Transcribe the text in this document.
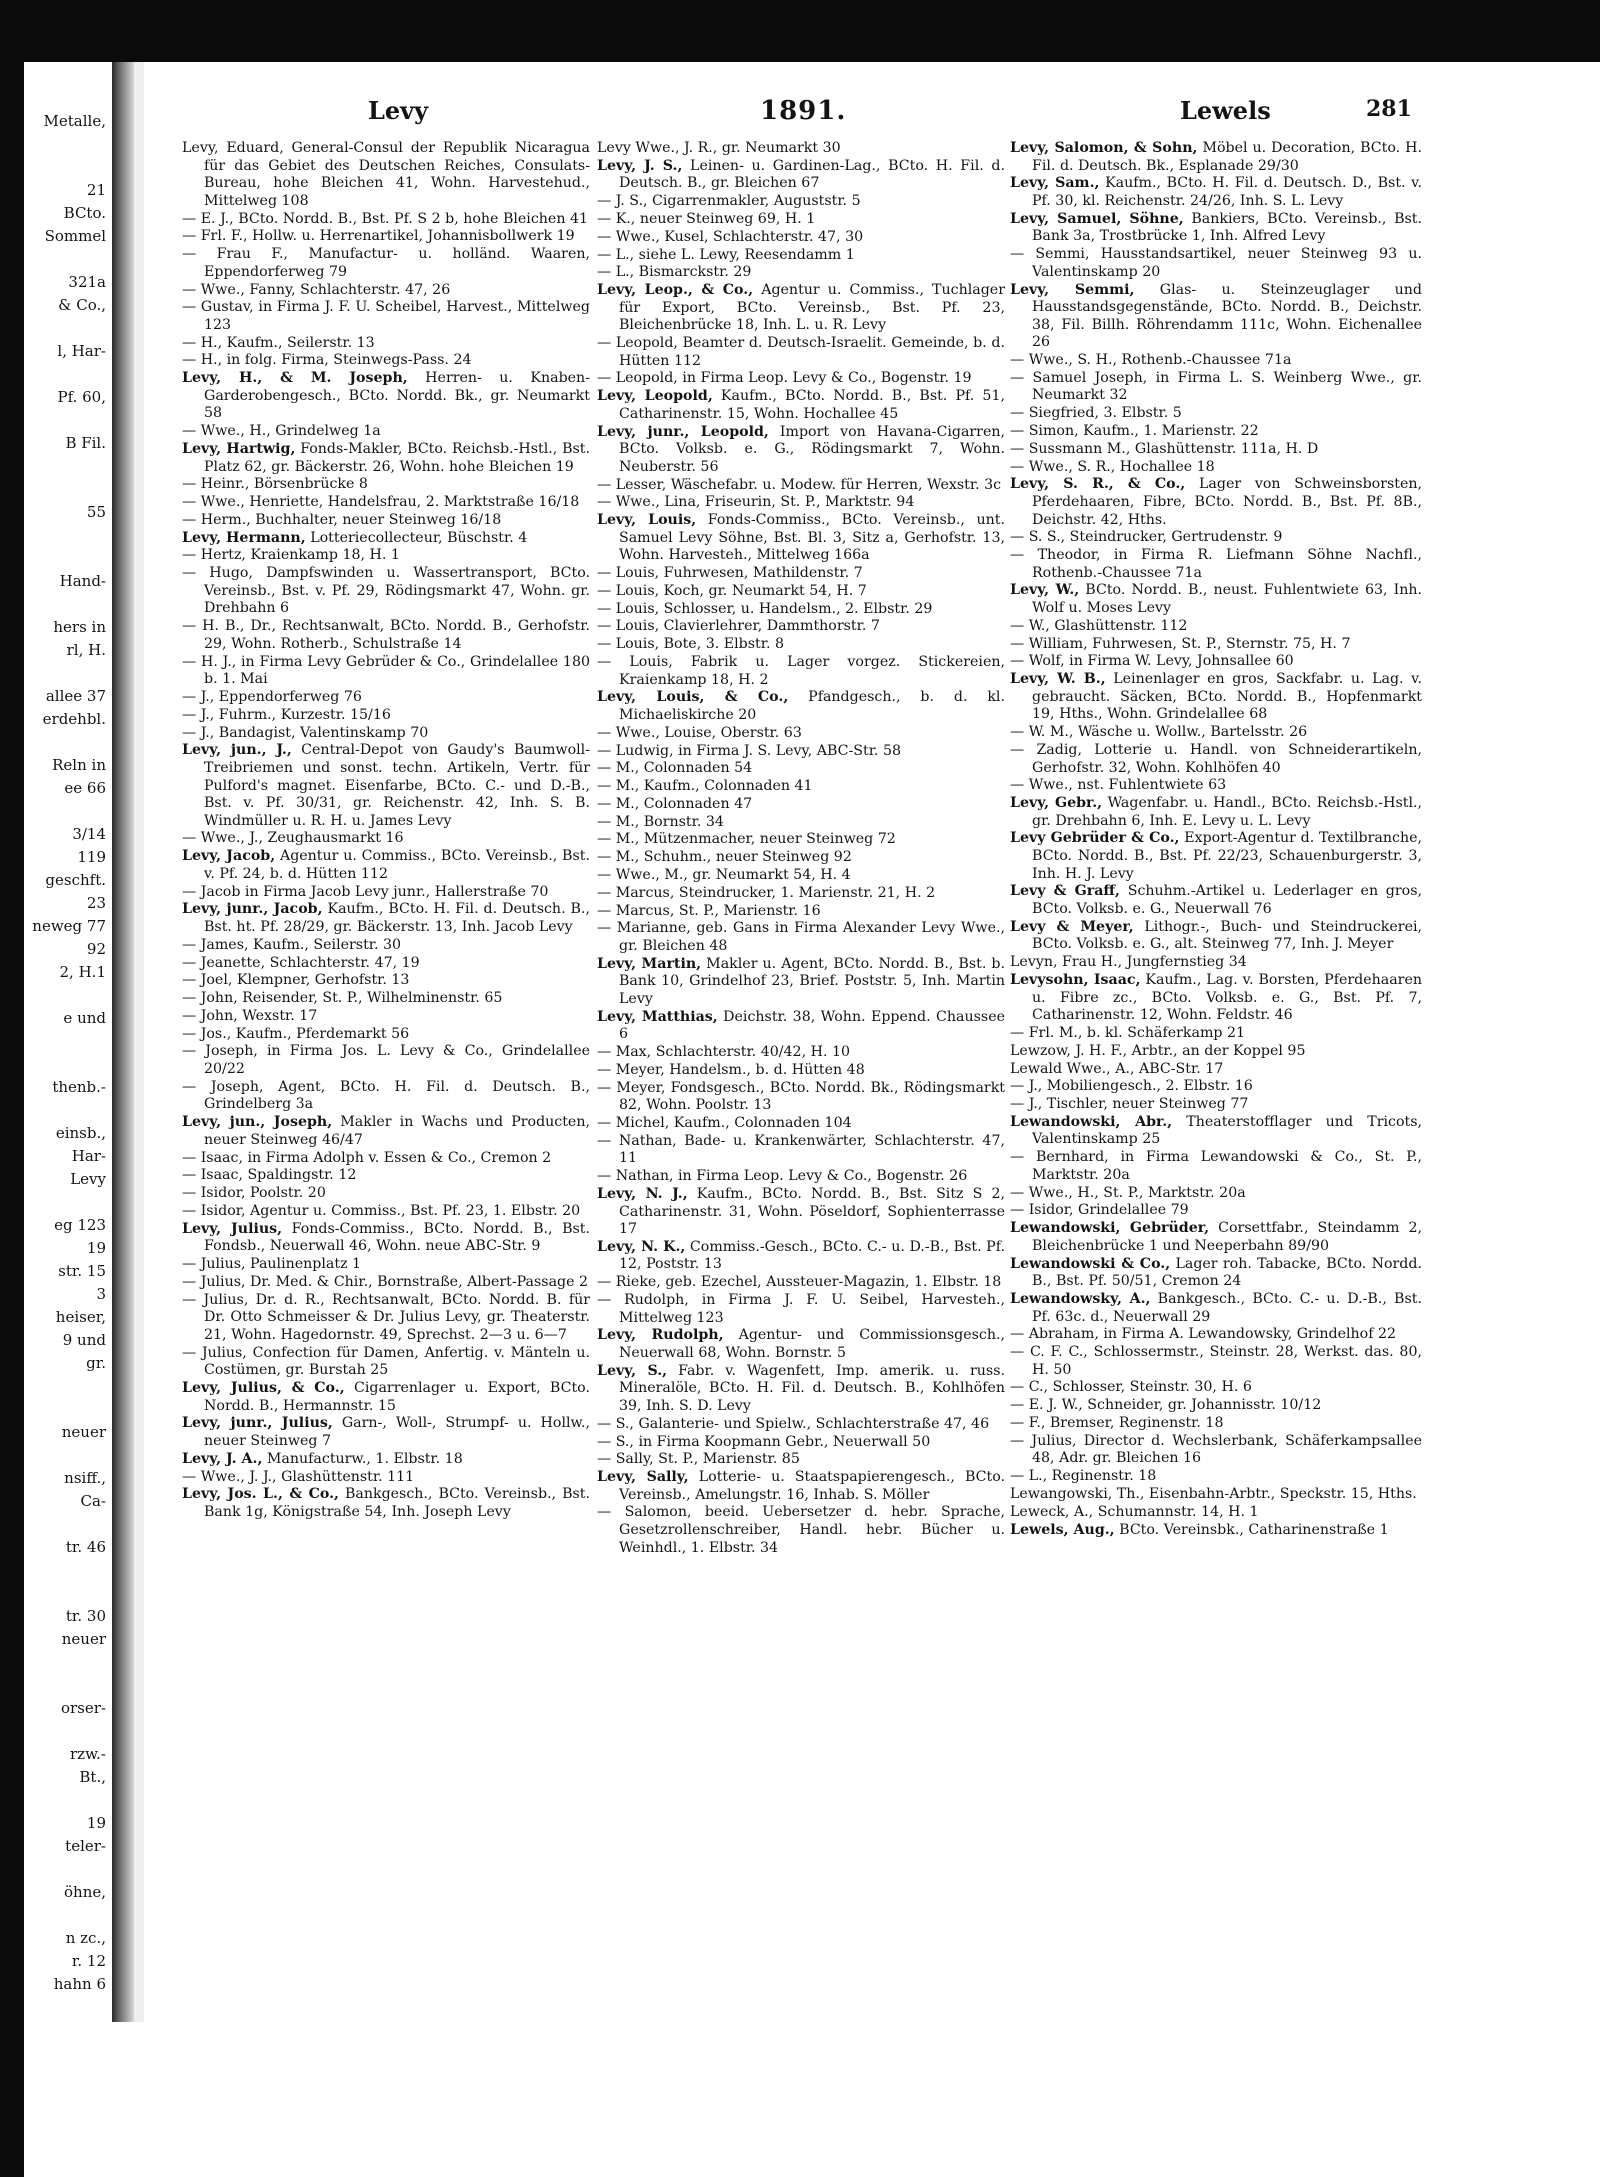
Metalle,
21
BCto.
Sommel
321a
& Co.,
l, Har-
Pf. 60,
B Fil.
55
Hand-
hers in
rl, H.
allee 37
erdehbl.
Reln in
ee 66
3/14
119
geschft.
23
neweg 77
92
2, H.1
e und
thenb.-
einsb.,
Har-
Levy
eg 123
19
str. 15
3
heiser,
9 und
gr.
neuer
nsiff.,
Ca-
tr. 46
tr. 30
neuer
orser-
rzw.-
Bt.,
19
teler-
öhne,
n zc.,
r. 12
hahn 6
Levy	1891.	Lewels	281
Levy, Eduard, General-Consul der Republik Nicaragua für das Gebiet des Deutschen Reiches, Consulats-Bureau, hohe Bleichen 41, Wohn. Harvestehud., Mittelweg 108
— E. J., BCto. Nordd. B., Bst. Pf. S 2 b, hohe Bleichen 41
— Frl. F., Hollw. u. Herrenartikel, Johannisbollwerk 19
— Frau F., Manufactur- u. holländ. Waaren, Eppendorferweg 79
— Wwe., Fanny, Schlachterstr. 47, 26
— Gustav, in Firma J. F. U. Scheibel, Harvest., Mittelweg 123
— H., Kaufm., Seilerstr. 13
— H., in folg. Firma, Steinwegs-Pass. 24
Levy, H., & M. Joseph, Herren- u. Knaben-Garderobengesch., BCto. Nordd. Bk., gr. Neumarkt 58
— Wwe., H., Grindelweg 1a
Levy, Hartwig, Fonds-Makler, BCto. Reichsb.-Hstl., Bst. Platz 62, gr. Bäckerstr. 26, Wohn. hohe Bleichen 19
— Heinr., Börsenbrücke 8
— Wwe., Henriette, Handelsfrau, 2. Marktstraße 16/18
— Herm., Buchhalter, neuer Steinweg 16/18
Levy, Hermann, Lotteriecollecteur, Büschstr. 4
— Hertz, Kraienkamp 18, H. 1
— Hugo, Dampfswinden u. Wassertransport, BCto. Vereinsb., Bst. v. Pf. 29, Rödingsmarkt 47, Wohn. gr. Drehbahn 6
— H. B., Dr., Rechtsanwalt, BCto. Nordd. B., Gerhofstr. 29, Wohn. Rotherb., Schulstraße 14
— H. J., in Firma Levy Gebrüder & Co., Grindelallee 180 b. 1. Mai
— J., Eppendorferweg 76
— J., Fuhrm., Kurzestr. 15/16
— J., Bandagist, Valentinskamp 70
Levy, jun., J., Central-Depot von Gaudy's Baumwoll-Treibriemen und sonst. techn. Artikeln, Vertr. für Pulford's magnet. Eisenfarbe, BCto. C.- und D.-B., Bst. v. Pf. 30/31, gr. Reichenstr. 42, Inh. S. B. Windmüller u. R. H. u. James Levy
— Wwe., J., Zeughausmarkt 16
Levy, Jacob, Agentur u. Commiss., BCto. Vereinsb., Bst. v. Pf. 24, b. d. Hütten 112
— Jacob in Firma Jacob Levy junr., Hallerstraße 70
Levy, junr., Jacob, Kaufm., BCto. H. Fil. d. Deutsch. B., Bst. ht. Pf. 28/29, gr. Bäckerstr. 13, Inh. Jacob Levy
— James, Kaufm., Seilerstr. 30
— Jeanette, Schlachterstr. 47, 19
— Joel, Klempner, Gerhofstr. 13
— John, Reisender, St. P., Wilhelminenstr. 65
— John, Wexstr. 17
— Jos., Kaufm., Pferdemarkt 56
— Joseph, in Firma Jos. L. Levy & Co., Grindelallee 20/22
— Joseph, Agent, BCto. H. Fil. d. Deutsch. B., Grindelberg 3a
Levy, jun., Joseph, Makler in Wachs und Producten, neuer Steinweg 46/47
— Isaac, in Firma Adolph v. Essen & Co., Cremon 2
— Isaac, Spaldingstr. 12
— Isidor, Poolstr. 20
— Isidor, Agentur u. Commiss., Bst. Pf. 23, 1. Elbstr. 20
Levy, Julius, Fonds-Commiss., BCto. Nordd. B., Bst. Fondsb., Neuerwall 46, Wohn. neue ABC-Str. 9
— Julius, Paulinenplatz 1
— Julius, Dr. Med. & Chir., Bornstraße, Albert-Passage 2
— Julius, Dr. d. R., Rechtsanwalt, BCto. Nordd. B. für Dr. Otto Schmeisser & Dr. Julius Levy, gr. Theaterstr. 21, Wohn. Hagedornstr. 49, Sprechst. 2—3 u. 6—7
— Julius, Confection für Damen, Anfertig. v. Mänteln u. Costümen, gr. Burstah 25
Levy, Julius, & Co., Cigarrenlager u. Export, BCto. Nordd. B., Hermannstr. 15
Levy, junr., Julius, Garn-, Woll-, Strumpf- u. Hollw., neuer Steinweg 7
Levy, J. A., Manufacturw., 1. Elbstr. 18
— Wwe., J. J., Glashüttenstr. 111
Levy, Jos. L., & Co., Bankgesch., BCto. Vereinsb., Bst. Bank 1g, Königstraße 54, Inh. Joseph Levy
Levy Wwe., J. R., gr. Neumarkt 30
Levy, J. S., Leinen- u. Gardinen-Lag., BCto. H. Fil. d. Deutsch. B., gr. Bleichen 67
— J. S., Cigarrenmakler, Auguststr. 5
— K., neuer Steinweg 69, H. 1
— Wwe., Kusel, Schlachterstr. 47, 30
— L., siehe L. Lewy, Reesendamm 1
— L., Bismarckstr. 29
Levy, Leop., & Co., Agentur u. Commiss., Tuchlager für Export, BCto. Vereinsb., Bst. Pf. 23, Bleichenbrücke 18, Inh. L. u. R. Levy
— Leopold, Beamter d. Deutsch-Israelit. Gemeinde, b. d. Hütten 112
— Leopold, in Firma Leop. Levy & Co., Bogenstr. 19
Levy, Leopold, Kaufm., BCto. Nordd. B., Bst. Pf. 51, Catharinenstr. 15, Wohn. Hochallee 45
Levy, junr., Leopold, Import von Havana-Cigarren, BCto. Volksb. e. G., Rödingsmarkt 7, Wohn. Neuberstr. 56
— Lesser, Wäschefabr. u. Modew. für Herren, Wexstr. 3c
— Wwe., Lina, Friseurin, St. P., Marktstr. 94
Levy, Louis, Fonds-Commiss., BCto. Vereinsb., unt. Samuel Levy Söhne, Bst. Bl. 3, Sitz a, Gerhofstr. 13, Wohn. Harvesteh., Mittelweg 166a
— Louis, Fuhrwesen, Mathildenstr. 7
— Louis, Koch, gr. Neumarkt 54, H. 7
— Louis, Schlosser, u. Handelsm., 2. Elbstr. 29
— Louis, Clavierlehrer, Dammthorstr. 7
— Louis, Bote, 3. Elbstr. 8
— Louis, Fabrik u. Lager vorgez. Stickereien, Kraienkamp 18, H. 2
Levy, Louis, & Co., Pfandgesch., b. d. kl. Michaeliskirche 20
— Wwe., Louise, Oberstr. 63
— Ludwig, in Firma J. S. Levy, ABC-Str. 58
— M., Colonnaden 54
— M., Kaufm., Colonnaden 41
— M., Colonnaden 47
— M., Bornstr. 34
— M., Mützenmacher, neuer Steinweg 72
— M., Schuhm., neuer Steinweg 92
— Wwe., M., gr. Neumarkt 54, H. 4
— Marcus, Steindrucker, 1. Marienstr. 21, H. 2
— Marcus, St. P., Marienstr. 16
— Marianne, geb. Gans in Firma Alexander Levy Wwe., gr. Bleichen 48
Levy, Martin, Makler u. Agent, BCto. Nordd. B., Bst. b. Bank 10, Grindelhof 23, Brief. Poststr. 5, Inh. Martin Levy
Levy, Matthias, Deichstr. 38, Wohn. Eppend. Chaussee 6
— Max, Schlachterstr. 40/42, H. 10
— Meyer, Handelsm., b. d. Hütten 48
— Meyer, Fondsgesch., BCto. Nordd. Bk., Rödingsmarkt 82, Wohn. Poolstr. 13
— Michel, Kaufm., Colonnaden 104
— Nathan, Bade- u. Krankenwärter, Schlachterstr. 47, 11
— Nathan, in Firma Leop. Levy & Co., Bogenstr. 26
Levy, N. J., Kaufm., BCto. Nordd. B., Bst. Sitz S 2, Catharinenstr. 31, Wohn. Pöseldorf, Sophienterrasse 17
Levy, N. K., Commiss.-Gesch., BCto. C.- u. D.-B., Bst. Pf. 12, Poststr. 13
— Rieke, geb. Ezechel, Aussteuer-Magazin, 1. Elbstr. 18
— Rudolph, in Firma J. F. U. Seibel, Harvesteh., Mittelweg 123
Levy, Rudolph, Agentur- und Commissionsgesch., Neuerwall 68, Wohn. Bornstr. 5
Levy, S., Fabr. v. Wagenfett, Imp. amerik. u. russ. Mineralöle, BCto. H. Fil. d. Deutsch. B., Kohlhöfen 39, Inh. S. D. Levy
— S., Galanterie- und Spielw., Schlachterstraße 47, 46
— S., in Firma Koopmann Gebr., Neuerwall 50
— Sally, St. P., Marienstr. 85
Levy, Sally, Lotterie- u. Staatspapierengesch., BCto. Vereinsb., Amelungstr. 16, Inhab. S. Möller
— Salomon, beeid. Uebersetzer d. hebr. Sprache, Gesetzrollenschreiber, Handl. hebr. Bücher u. Weinhdl., 1. Elbstr. 34
Levy, Salomon, & Sohn, Möbel u. Decoration, BCto. H. Fil. d. Deutsch. Bk., Esplanade 29/30
Levy, Sam., Kaufm., BCto. H. Fil. d. Deutsch. D., Bst. v. Pf. 30, kl. Reichenstr. 24/26, Inh. S. L. Levy
Levy, Samuel, Söhne, Bankiers, BCto. Vereinsb., Bst. Bank 3a, Trostbrücke 1, Inh. Alfred Levy
— Semmi, Hausstandsartikel, neuer Steinweg 93 u. Valentinskamp 20
Levy, Semmi, Glas- u. Steinzeuglager und Hausstandsgegenstände, BCto. Nordd. B., Deichstr. 38, Fil. Billh. Röhrendamm 111c, Wohn. Eichenallee 26
— Wwe., S. H., Rothenb.-Chaussee 71a
— Samuel Joseph, in Firma L. S. Weinberg Wwe., gr. Neumarkt 32
— Siegfried, 3. Elbstr. 5
— Simon, Kaufm., 1. Marienstr. 22
— Sussmann M., Glashüttenstr. 111a, H. D
— Wwe., S. R., Hochallee 18
Levy, S. R., & Co., Lager von Schweinsborsten, Pferdehaaren, Fibre, BCto. Nordd. B., Bst. Pf. 8B., Deichstr. 42, Hths.
— S. S., Steindrucker, Gertrudenstr. 9
— Theodor, in Firma R. Liefmann Söhne Nachfl., Rothenb.-Chaussee 71a
Levy, W., BCto. Nordd. B., neust. Fuhlentwiete 63, Inh. Wolf u. Moses Levy
— W., Glashüttenstr. 112
— William, Fuhrwesen, St. P., Sternstr. 75, H. 7
— Wolf, in Firma W. Levy, Johnsallee 60
Levy, W. B., Leinenlager en gros, Sackfabr. u. Lag. v. gebraucht. Säcken, BCto. Nordd. B., Hopfenmarkt 19, Hths., Wohn. Grindelallee 68
— W. M., Wäsche u. Wollw., Bartelsstr. 26
— Zadig, Lotterie u. Handl. von Schneiderartikeln, Gerhofstr. 32, Wohn. Kohlhöfen 40
— Wwe., nst. Fuhlentwiete 63
Levy, Gebr., Wagenfabr. u. Handl., BCto. Reichsb.-Hstl., gr. Drehbahn 6, Inh. E. Levy u. L. Levy
Levy Gebrüder & Co., Export-Agentur d. Textilbranche, BCto. Nordd. B., Bst. Pf. 22/23, Schauenburgerstr. 3, Inh. H. J. Levy
Levy & Graff, Schuhm.-Artikel u. Lederlager en gros, BCto. Volksb. e. G., Neuerwall 76
Levy & Meyer, Lithogr.-, Buch- und Steindruckerei, BCto. Volksb. e. G., alt. Steinweg 77, Inh. J. Meyer
Levyn, Frau H., Jungfernstieg 34
Levysohn, Isaac, Kaufm., Lag. v. Borsten, Pferdehaaren u. Fibre zc., BCto. Volksb. e. G., Bst. Pf. 7, Catharinenstr. 12, Wohn. Feldstr. 46
— Frl. M., b. kl. Schäferkamp 21
Lewzow, J. H. F., Arbtr., an der Koppel 95
Lewald Wwe., A., ABC-Str. 17
— J., Mobiliengesch., 2. Elbstr. 16
— J., Tischler, neuer Steinweg 77
Lewandowski, Abr., Theaterstofflager und Tricots, Valentinskamp 25
— Bernhard, in Firma Lewandowski & Co., St. P., Marktstr. 20a
— Wwe., H., St. P., Marktstr. 20a
— Isidor, Grindelallee 79
Lewandowski, Gebrüder, Corsettfabr., Steindamm 2, Bleichenbrücke 1 und Neeperbahn 89/90
Lewandowski & Co., Lager roh. Tabacke, BCto. Nordd. B., Bst. Pf. 50/51, Cremon 24
Lewandowsky, A., Bankgesch., BCto. C.- u. D.-B., Bst. Pf. 63c. d., Neuerwall 29
— Abraham, in Firma A. Lewandowsky, Grindelhof 22
— C. F. C., Schlossermstr., Steinstr. 28, Werkst. das. 80, H. 50
— C., Schlosser, Steinstr. 30, H. 6
— E. J. W., Schneider, gr. Johannisstr. 10/12
— F., Bremser, Reginenstr. 18
— Julius, Director d. Wechslerbank, Schäferkampsallee 48, Adr. gr. Bleichen 16
— L., Reginenstr. 18
Lewangowski, Th., Eisenbahn-Arbtr., Speckstr. 15, Hths.
Leweck, A., Schumannstr. 14, H. 1
Lewels, Aug., BCto. Vereinsbk., Catharinenstraße 1
